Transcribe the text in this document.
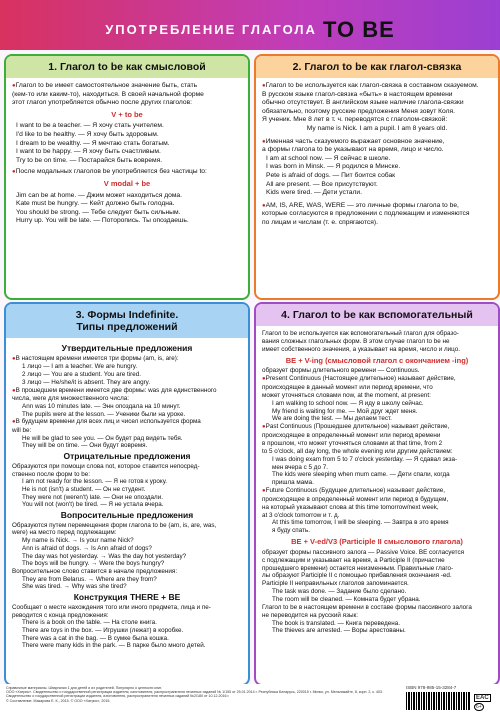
УПОТРЕБЛЕНИЕ ГЛАГОЛА TO BE
1. Глагол to be как смысловой
● Глагол to be имеет самостоятельное значение быть, стать
(кем-то или каким-то), находиться. В своей начальной форме
этот глагол употребляется обычно после других глаголов:
V + to be
I want to be a teacher. — Я хочу стать учителем.
I'd like to be healthy. — Я хочу быть здоровым.
I dream to be wealthy. — Я мечтаю стать богатым.
I want to be happy. — Я хочу быть счастливым.
Try to be on time. — Постарайся быть вовремя.
● После модальных глаголов be употребляется без частицы to:
V modal + be
Jim can be at home. — Джим может находиться дома.
Kate must be hungry. — Кейт должно быть голодна.
You should be strong. — Тебе следует быть сильным.
Hurry up. You will be late. — Поторопись. Ты опоздаешь.
2. Глагол to be как глагол-связка
● Глагол to be используется как глагол-связка в составном сказуемом.
В русском языке глагол-связка «быть» в настоящем времени
обычно отсутствует. В английском языке наличие глагола-связки
обязательно, поэтому русские предложения Меня зовут Коля.
Я ученик. Мне 8 лет в т. ч. переводятся с глаголом-связкой:
My name is Nick. I am a pupil. I am 8 years old.
● Именная часть сказуемого выражает основное значение,
а формы глагола to be указывают на время, лицо и число.
I am at school now. — Я сейчас в школе.
I was born in Minsk. — Я родился в Минске.
Pete is afraid of dogs. — Пит боится собак
All are present. — Все присутствуют.
Kids were tired. — Дети устали.
● AM, IS, ARE, WAS, WERE — это личные формы глагола to be,
которые согласуются в предложении с подлежащим и изменяются
по лицам и числам (т. е. спрягаются).
3. Формы Indefinite.
Типы предложений
Утвердительные предложения
● В настоящем времени имеется три формы (am, is, are):
1 лицо — I am a teacher. We are hungry.
2 лицо — You are a student. You are tired.
3 лицо — He/she/it is absent. They are angry.
● В прошедшем времени имеется две формы: was для единственного
числа, were для множественного числа:
Ann was 10 minutes late. — Энн опоздала на 10 минут.
The pupils were at the lesson. — Ученики были на уроке.
● В будущем времени для всех лиц и чисел используется форма
will be:
He will be glad to see you. — Он будет рад видеть тебя.
They will be on time. — Они будут вовремя.
Отрицательные предложения
Образуются при помощи слова not, которое ставится непосред-
ственно после форм to be:
I am not ready for the lesson. — Я не готов к уроку.
He is not (isn't) a student. — Он не студент.
They were not (weren't) late. — Они не опоздали.
You will not (won't) be tired. — Я не устала вчера.
Вопросительные предложения
Образуются путем перемещения форм глагола to be (am, is, are, was,
were) на место перед подлежащим:
My name is Nick. → Is your name Nick?
Ann is afraid of dogs. → Is Ann afraid of dogs?
The day was hot yesterday. → Was the day hot yesterday?
The boys will be hungry. → Were the boys hungry?
Вопросительное слово ставится в начале предложения:
They are from Belarus. → Where are they from?
She was tired. → Why was she tired?
Конструкция THERE + BE
Сообщает о месте нахождения того или иного предмета, лица и пе-
реводится с конца предложения:
There is a book on the table. — На столе книга.
There are toys in the box. — Игрушки (лежат) в коробке.
There was a cat in the bag. — В сумке была кошка.
There were many kids in the park. — В парке было много детей.
4. Глагол to be как вспомогательный
Глагол to be используется как вспомогательный глагол для образо-
вания сложных глагольных форм. В этом случае глагол to be не
имеет собственного значения, а указывает на время, число и лицо.
BE + V-ing (смысловой глагол с окончанием -ing)
образует формы длительного времени — Continuous.
● Present Continuous (Настоящее длительное) называет действие,
происходящее в данный момент или период времени, что
может уточняться словами now, at the moment, at present:
I am walking to school now. — Я иду в школу сейчас.
My friend is waiting for me. — Мой друг ждет меня.
We are doing the test. — Мы делаем тест.
● Past Continuous (Прошедшее длительное) называет действие,
происходящее в определенный момент или период времени
в прошлом, что может уточняться словами at that time, from 2
to 5 o'clock, all day long, the whole evening или другим действием:
I was doing exam from 5 to 7 o'clock yesterday. — Я сдавал экза-
мен вчера с 5 до 7.
The kids were sleeping when mum came. — Дети спали, когда
пришла мама.
● Future Continuous (Будущее длительное) называет действие,
происходящее в определенный момент или период в будущем,
на который указывают слова at this time tomorrow/next week,
at 3 o'clock tomorrow и т. д.
At this time tomorrow, I will be sleeping. — Завтра в это время
я буду спать.
BE + V-ed/V3 (Participle II смыслового глагола)
образует формы пассивного залога — Passive Voice. BE согласуется
с подлежащим и указывает на время, а Participle II (причастие
прошедшего времени) остается неизменным. Правильные глаго-
лы образуют Participle II с помощью прибавления окончания -ed.
Participle II неправильных глаголов запоминается.
The task was done. — Задание было сделано.
The room will be cleaned. — Комната будет убрана.
Глагол to be в настоящем времени в составе формы пассивного залога
не переводится на русский язык:
The book is translated. — Книга переведена.
The thieves are arrested. — Воры арестованы.
Справочные материалы. Шпаргалки 1 для детей и их родителей. Популярно о ценности книг.
ООО «Хатрис». Свидетельство о государственной регистрации издателя, изготовителя, распространителя печатных изданий № 1/155 от 25.01.2014 г. Республика Беларусь, 220015 г. Минск, ул. Мельникайте, 8, корп. 2, к. 403.
Свидетельство о государственной регистрации издателя, изготовителя, распространителя печатных изданий №2/180 от 10.12.2016 г.
© Составление. Макарова Е. К., 2015. © ООО «Хатрис», 2015.
ISBN 978-985-15-3284-7
EAC
6+
